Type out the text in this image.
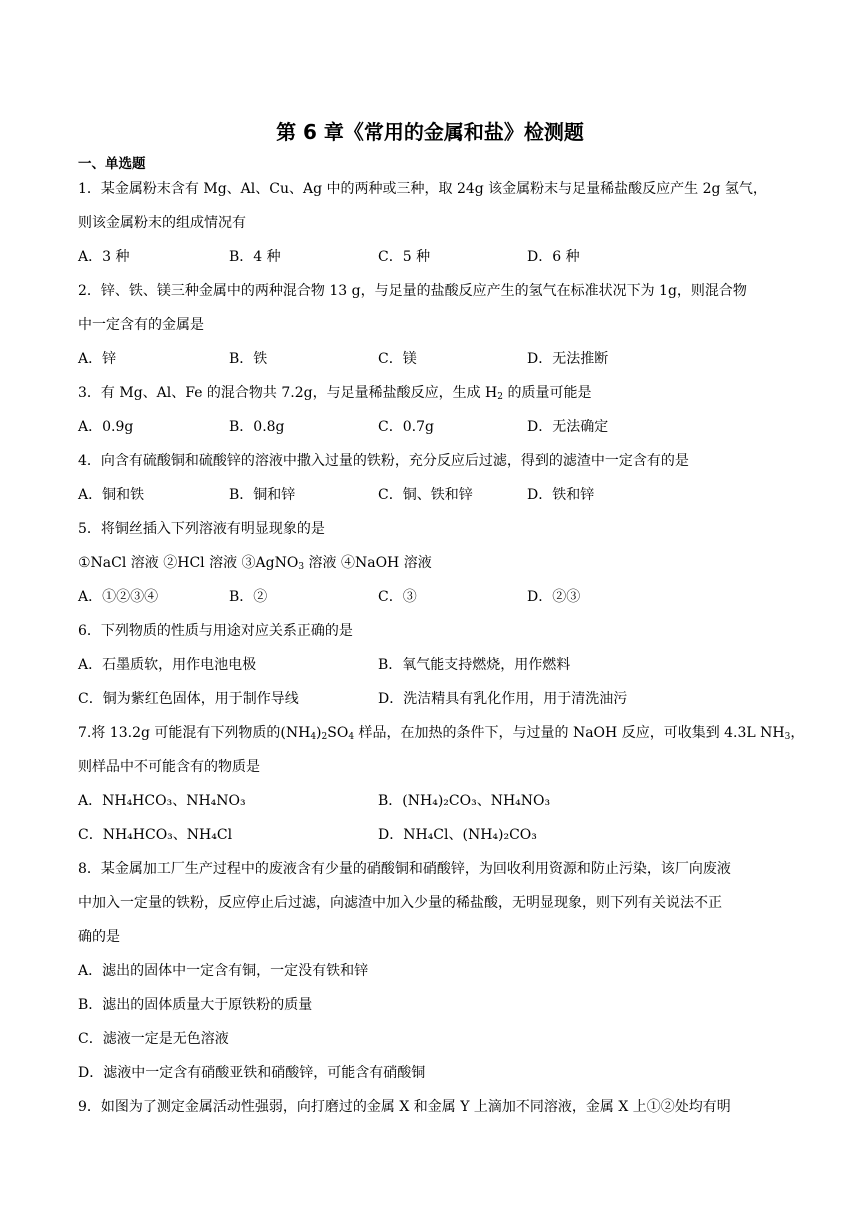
第 6 章《常用的金属和盐》检测题
一、单选题
1．某金属粉末含有 Mg、Al、Cu、Ag 中的两种或三种，取 24g 该金属粉末与足量稀盐酸反应产生 2g 氢气，
则该金属粉末的组成情况有
A．3 种	B．4 种	C．5 种	D．6 种
2．锌、铁、镁三种金属中的两种混合物 13 g，与足量的盐酸反应产生的氢气在标准状况下为 1g，则混合物
中一定含有的金属是
A．锌	B．铁	C．镁	D．无法推断
3．有 Mg、Al、Fe 的混合物共 7.2g，与足量稀盐酸反应，生成 $H_2$ 的质量可能是
A．0.9g	B．0.8g	C．0.7g	D．无法确定
4．向含有硫酸铜和硫酸锌的溶液中撒入过量的铁粉，充分反应后过滤，得到的滤渣中一定含有的是
A．铜和铁	B．铜和锌	C．铜、铁和锌	D．铁和锌
5．将铜丝插入下列溶液有明显现象的是
①NaCl 溶液 ②HCl 溶液 ③AgNO$_3$ 溶液 ④NaOH 溶液
A．①②③④	B．②	C．③	D．②③
6．下列物质的性质与用途对应关系正确的是
A．石墨质软，用作电池电极	B．氧气能支持燃烧，用作燃料
C．铜为紫红色固体，用于制作导线	D．洗洁精具有乳化作用，用于清洗油污
7.将 13.2g 可能混有下列物质的$(NH_4)_2SO_4$ 样品，在加热的条件下，与过量的 NaOH 反应，可收集到 4.3L $NH_3$，
则样品中不可能含有的物质是
A．NH₄HCO₃、NH₄NO₃	B．(NH₄)₂CO₃、NH₄NO₃
C．NH₄HCO₃、NH₄Cl	D．NH₄Cl、(NH₄)₂CO₃
8．某金属加工厂生产过程中的废液含有少量的硝酸铜和硝酸锌，为回收利用资源和防止污染，该厂向废液
中加入一定量的铁粉，反应停止后过滤，向滤渣中加入少量的稀盐酸，无明显现象，则下列有关说法不正
确的是
A．滤出的固体中一定含有铜，一定没有铁和锌
B．滤出的固体质量大于原铁粉的质量
C．滤液一定是无色溶液
D．滤液中一定含有硝酸亚铁和硝酸锌，可能含有硝酸铜
9．如图为了测定金属活动性强弱，向打磨过的金属 X 和金属 Y 上滴加不同溶液，金属 X 上①②处均有明
